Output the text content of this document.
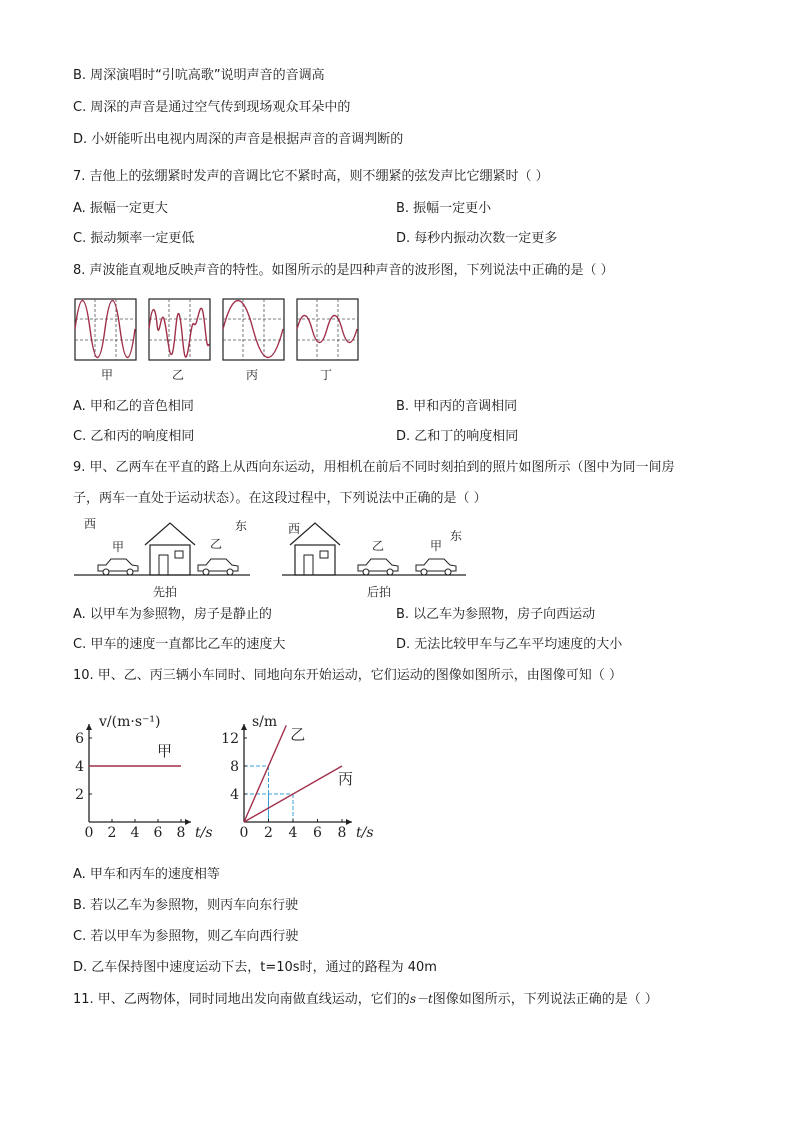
B. 周深演唱时“引吭高歌”说明声音的音调高
C. 周深的声音是通过空气传到现场观众耳朵中的
D. 小妍能听出电视内周深的声音是根据声音的音调判断的
7. 吉他上的弦绷紧时发声的音调比它不紧时高，则不绷紧的弦发声比它绷紧时（ ）
A. 振幅一定更大	B. 振幅一定更小
C. 振动频率一定更低	D. 每秒内振动次数一定更多
8. 声波能直观地反映声音的特性。如图所示的是四种声音的波形图，下列说法中正确的是（ ）
甲	乙	丙	丁
A. 甲和乙的音色相同	B. 甲和丙的音调相同
C. 乙和丙的响度相同	D. 乙和丁的响度相同
9. 甲、乙两车在平直的路上从西向东运动，用相机在前后不同时刻拍到的照片如图所示（图中为同一间房
子，两车一直处于运动状态）。在这段过程中，下列说法中正确的是（ ）
西	东
甲	乙
先拍
西	东
乙	甲
后拍
A. 以甲车为参照物，房子是静止的	B. 以乙车为参照物，房子向西运动
C. 甲车的速度一直都比乙车的速度大	D. 无法比较甲车与乙车平均速度的大小
10. 甲、乙、丙三辆小车同时、同地向东开始运动，它们运动的图像如图所示，由图像可知（ ）
0 2 4 6 8
2
4
6
t/s
v/(m·s⁻¹)
甲
0 2 4 6 8
4
8
12
t/s
s/m
乙
丙
A. 甲车和丙车的速度相等
B. 若以乙车为参照物，则丙车向东行驶
C. 若以甲车为参照物，则乙车向西行驶
D. 乙车保持图中速度运动下去，t=10s时，通过的路程为 40m
11. 甲、乙两物体，同时同地出发向南做直线运动，它们的s－t图像如图所示，下列说法正确的是（ ）
